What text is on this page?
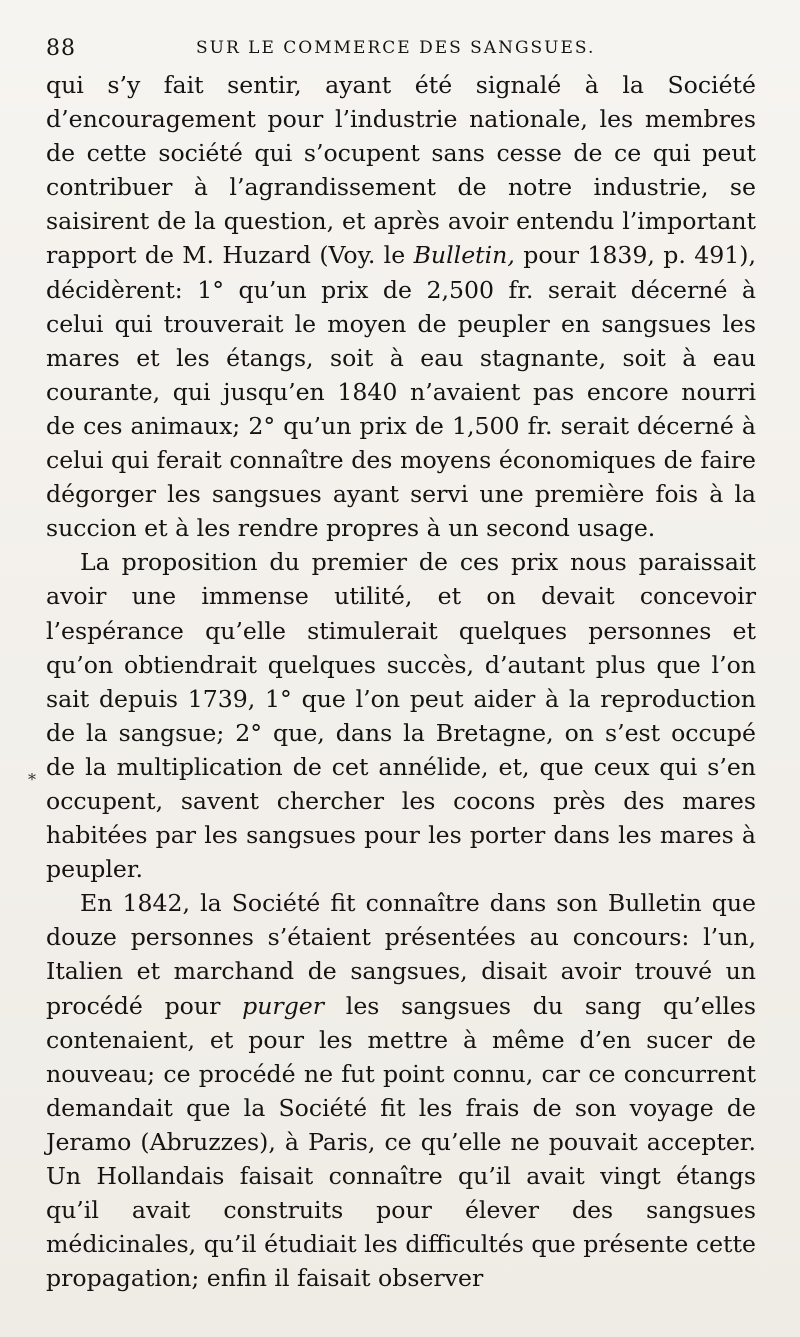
88	SUR LE COMMERCE DES SANGSUES.
*

qui s’y fait sentir, ayant été signalé à la Société d’encouragement pour l’industrie nationale, les membres de cette société qui s’ocupent sans cesse de ce qui peut contribuer à l’agrandissement de notre industrie, se saisirent de la question, et après avoir entendu l’important rapport de M. Huzard (Voy. le Bulletin, pour 1839, p. 491), décidèrent: 1° qu’un prix de 2,500 fr. serait décerné à celui qui trouverait le moyen de peupler en sangsues les mares et les étangs, soit à eau stagnante, soit à eau courante, qui jusqu’en 1840 n’avaient pas encore nourri de ces animaux; 2° qu’un prix de 1,500 fr. serait décerné à celui qui ferait connaître des moyens économiques de faire dégorger les sangsues ayant servi une première fois à la succion et à les rendre propres à un second usage.

La proposition du premier de ces prix nous paraissait avoir une immense utilité, et on devait concevoir l’espérance qu’elle stimulerait quelques personnes et qu’on obtiendrait quelques succès, d’autant plus que l’on sait depuis 1739, 1° que l’on peut aider à la reproduction de la sangsue; 2° que, dans la Bretagne, on s’est occupé de la multiplication de cet annélide, et, que ceux qui s’en occupent, savent chercher les cocons près des mares habitées par les sangsues pour les porter dans les mares à peupler.

En 1842, la Société fit connaître dans son Bulletin que douze personnes s’étaient présentées au concours: l’un, Italien et marchand de sangsues, disait avoir trouvé un procédé pour purger les sangsues du sang qu’elles contenaient, et pour les mettre à même d’en sucer de nouveau; ce procédé ne fut point connu, car ce concurrent demandait que la Société fit les frais de son voyage de Jeramo (Abruzzes), à Paris, ce qu’elle ne pouvait accepter. Un Hollandais faisait connaître qu’il avait vingt étangs qu’il avait construits pour élever des sangsues médicinales, qu’il étudiait les difficultés que présente cette propagation; enfin il faisait observer
